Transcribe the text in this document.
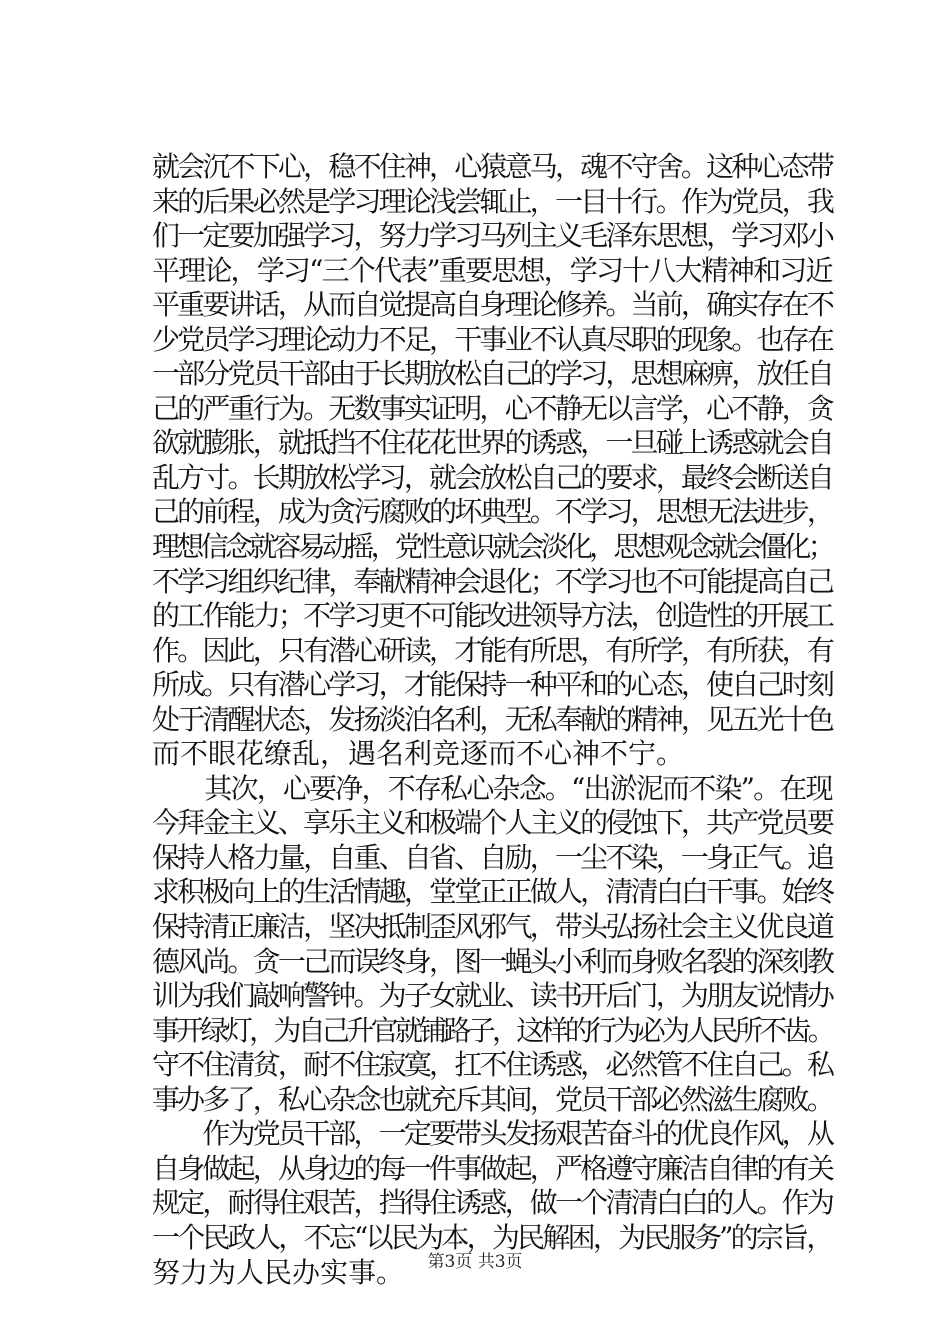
就会沉不下心，稳不住神，心猿意马，魂不守舍。这种心态带
来的后果必然是学习理论浅尝辄止，一目十行。作为党员，我
们一定要加强学习，努力学习马列主义毛泽东思想，学习邓小
平理论，学习“三个代表”重要思想，学习十八大精神和习近
平重要讲话，从而自觉提高自身理论修养。当前，确实存在不
少党员学习理论动力不足，干事业不认真尽职的现象。也存在
一部分党员干部由于长期放松自己的学习，思想麻痹，放任自
己的严重行为。无数事实证明，心不静无以言学，心不静，贪
欲就膨胀，就抵挡不住花花世界的诱惑，一旦碰上诱惑就会自
乱方寸。长期放松学习，就会放松自己的要求，最终会断送自
己的前程，成为贪污腐败的坏典型。不学习，思想无法进步，
理想信念就容易动摇，党性意识就会淡化，思想观念就会僵化；
不学习组织纪律，奉献精神会退化；不学习也不可能提高自己
的工作能力；不学习更不可能改进领导方法，创造性的开展工
作。因此，只有潜心研读，才能有所思，有所学，有所获，有
所成。只有潜心学习，才能保持一种平和的心态，使自己时刻
处于清醒状态，发扬淡泊名利，无私奉献的精神，见五光十色
而不眼花缭乱，遇名利竞逐而不心神不宁。
　　其次，心要净，不存私心杂念。“出淤泥而不染”。在现
今拜金主义、享乐主义和极端个人主义的侵蚀下，共产党员要
保持人格力量，自重、自省、自励，一尘不染，一身正气。追
求积极向上的生活情趣，堂堂正正做人，清清白白干事。始终
保持清正廉洁，坚决抵制歪风邪气，带头弘扬社会主义优良道
德风尚。贪一己而误终身，图一蝇头小利而身败名裂的深刻教
训为我们敲响警钟。为子女就业、读书开后门，为朋友说情办
事开绿灯，为自己升官就铺路子，这样的行为必为人民所不齿。
守不住清贫，耐不住寂寞，扛不住诱惑，必然管不住自己。私
事办多了，私心杂念也就充斥其间，党员干部必然滋生腐败。
　　作为党员干部，一定要带头发扬艰苦奋斗的优良作风，从
自身做起，从身边的每一件事做起，严格遵守廉洁自律的有关
规定，耐得住艰苦，挡得住诱惑，做一个清清白白的人。作为
一个民政人，不忘“以民为本，为民解困，为民服务”的宗旨，
努力为人民办实事。	第3页 共3页
